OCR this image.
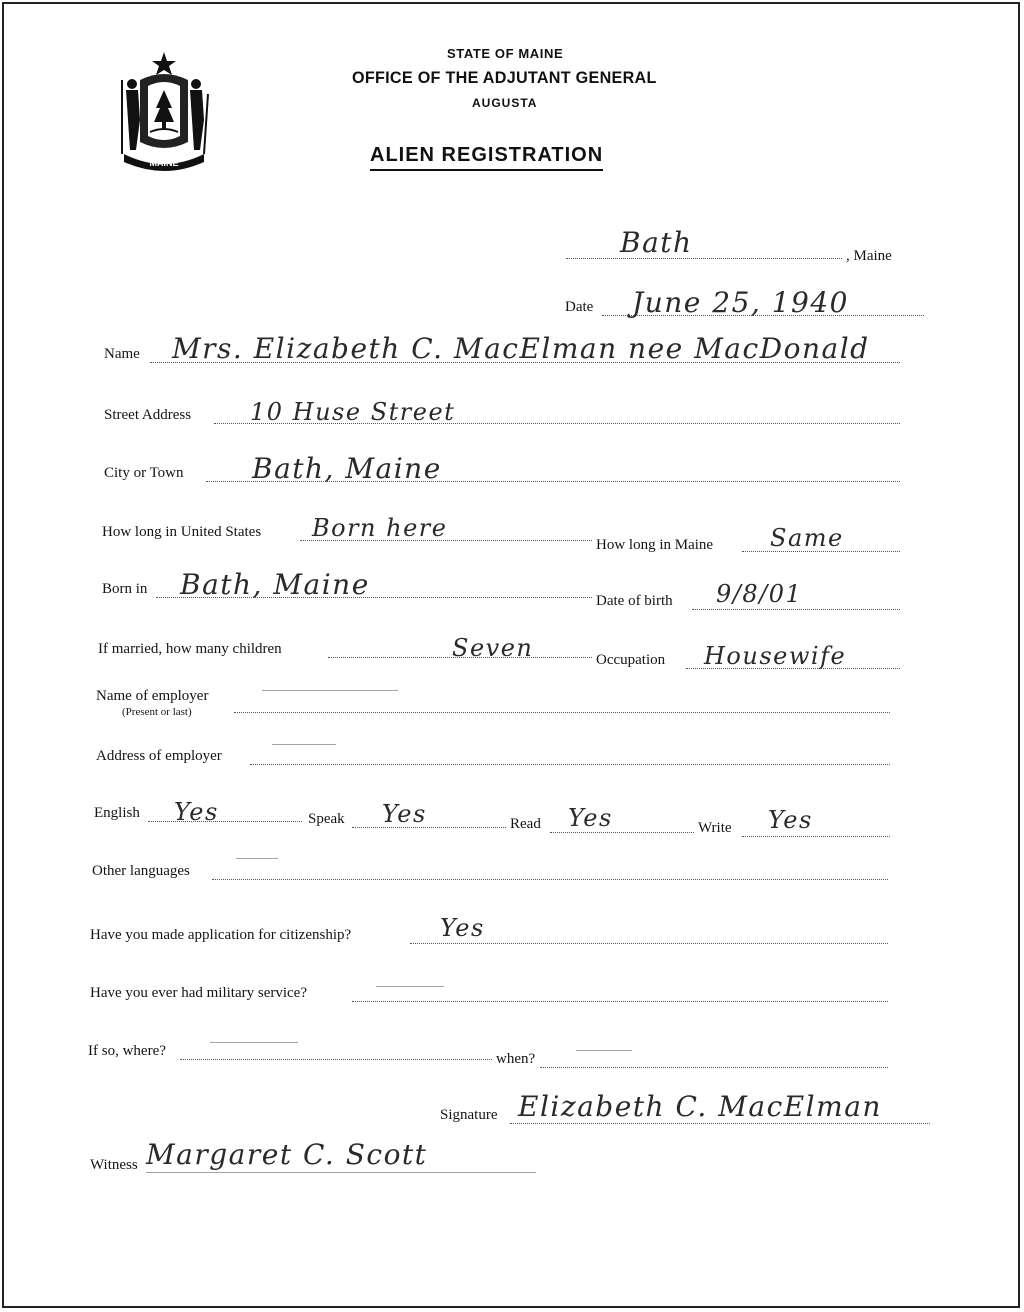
MAINE
STATE OF MAINE
OFFICE OF THE ADJUTANT GENERAL
AUGUSTA
ALIEN REGISTRATION
Bath	, Maine
Date June 25, 1940
Name Mrs. Elizabeth C. MacElman nee MacDonald
Street Address 10 Huse Street
City or Town Bath, Maine
How long in United States Born here
How long in Maine Same
Born in Bath, Maine	Date of birth 9/8/01
If married, how many children	Seven	Occupation Housewife
Name of employer
(Present or last)
Address of employer
English Yes	Speak Yes	Read Yes	Write Yes
Other languages
Have you made application for citizenship?	Yes
Have you ever had military service?
If so, where?	when?
Signature Elizabeth C. MacElman
Witness Margaret C. Scott
